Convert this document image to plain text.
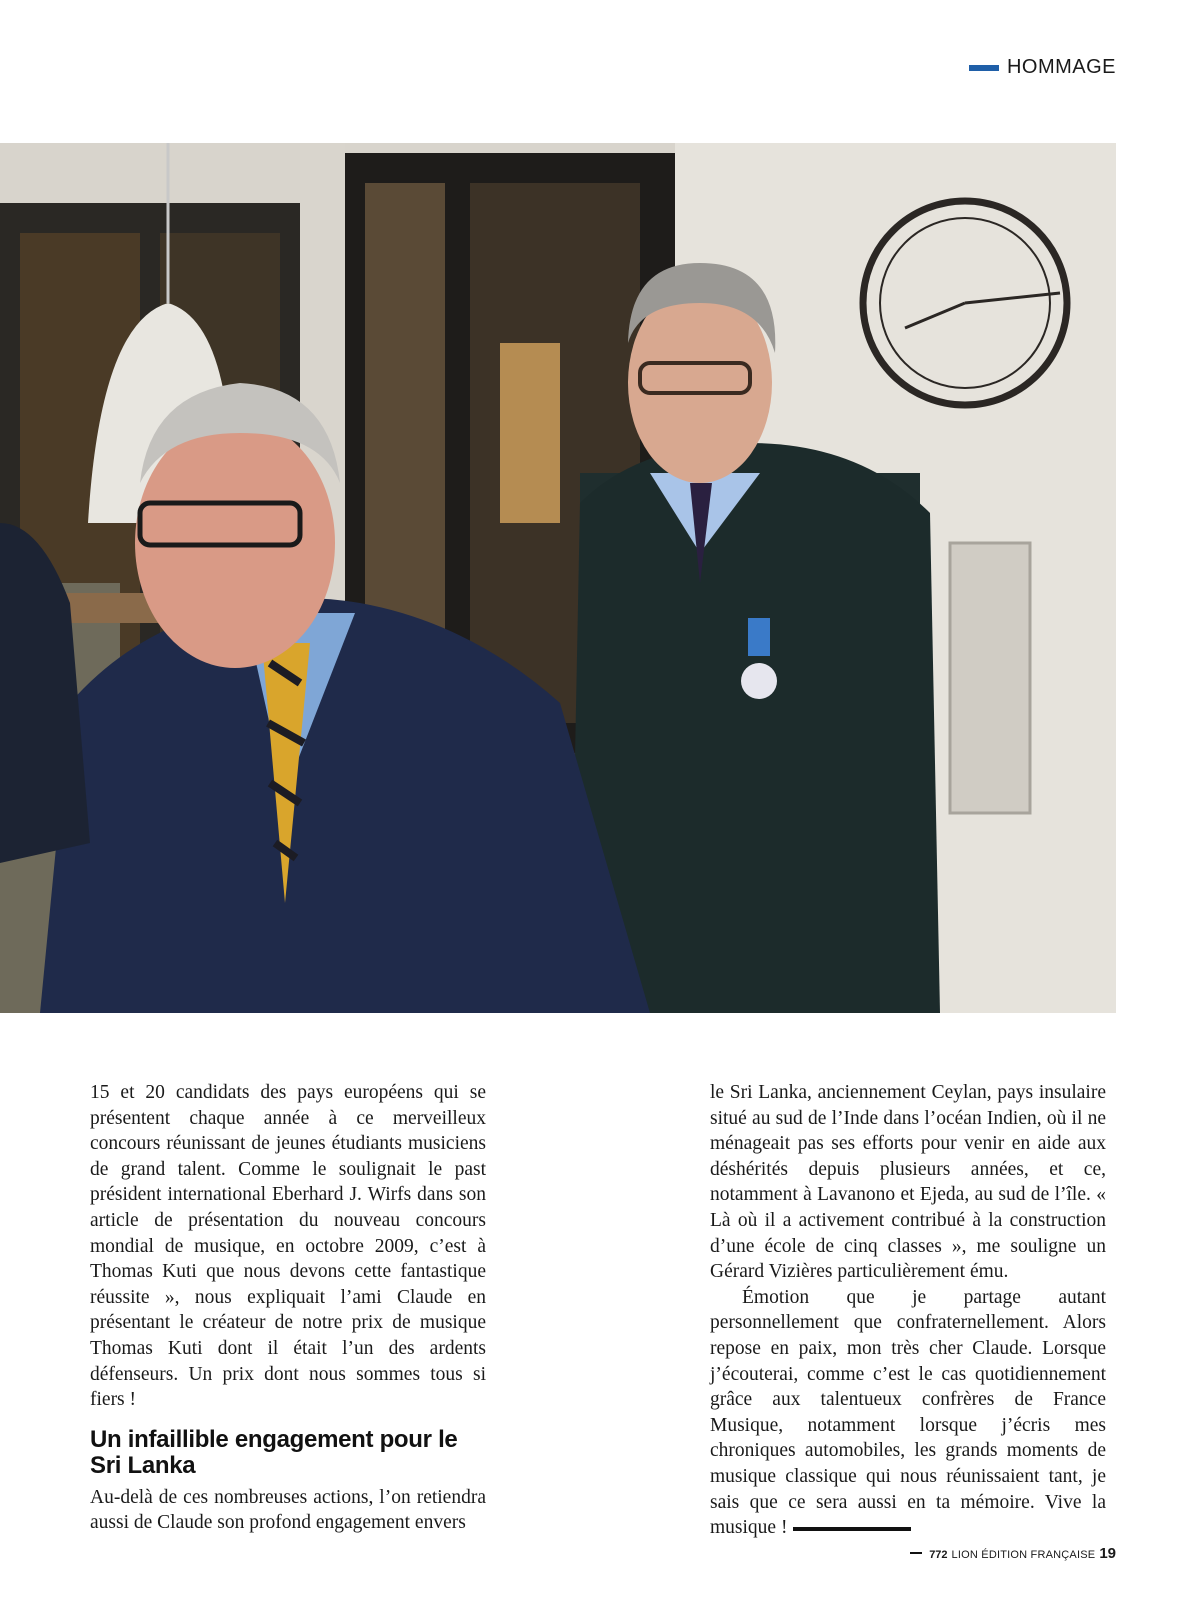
HOMMAGE

15 et 20 candidats des pays européens qui se présentent chaque année à ce merveilleux concours réunissant de jeunes étudiants musiciens de grand talent. Comme le soulignait le past président international Eberhard J. Wirfs dans son article de présentation du nouveau concours mondial de musique, en octobre 2009, c’est à Thomas Kuti que nous devons cette fantastique réussite », nous expliquait l’ami Claude en présentant le créateur de notre prix de musique Thomas Kuti dont il était l’un des ardents défenseurs. Un prix dont nous sommes tous si fiers !

Un infaillible engagement pour le Sri Lanka

Au-delà de ces nombreuses actions, l’on retiendra aussi de Claude son profond engagement envers

le Sri Lanka, anciennement Ceylan, pays insulaire situé au sud de l’Inde dans l’océan Indien, où il ne ménageait pas ses efforts pour venir en aide aux déshérités depuis plusieurs années, et ce, notamment à Lavanono et Ejeda, au sud de l’île. « Là où il a activement contribué à la construction d’une école de cinq classes », me souligne un Gérard Vizières particulièrement ému.

Émotion que je partage autant personnellement que confraternellement. Alors repose en paix, mon très cher Claude. Lorsque j’écouterai, comme c’est le cas quotidiennement grâce aux talentueux confrères de France Musique, notamment lorsque j’écris mes chroniques automobiles, les grands moments de musique classique qui nous réunissaient tant, je sais que ce sera aussi en ta mémoire. Vive la musique !

772 LION ÉDITION FRANÇAISE 19
